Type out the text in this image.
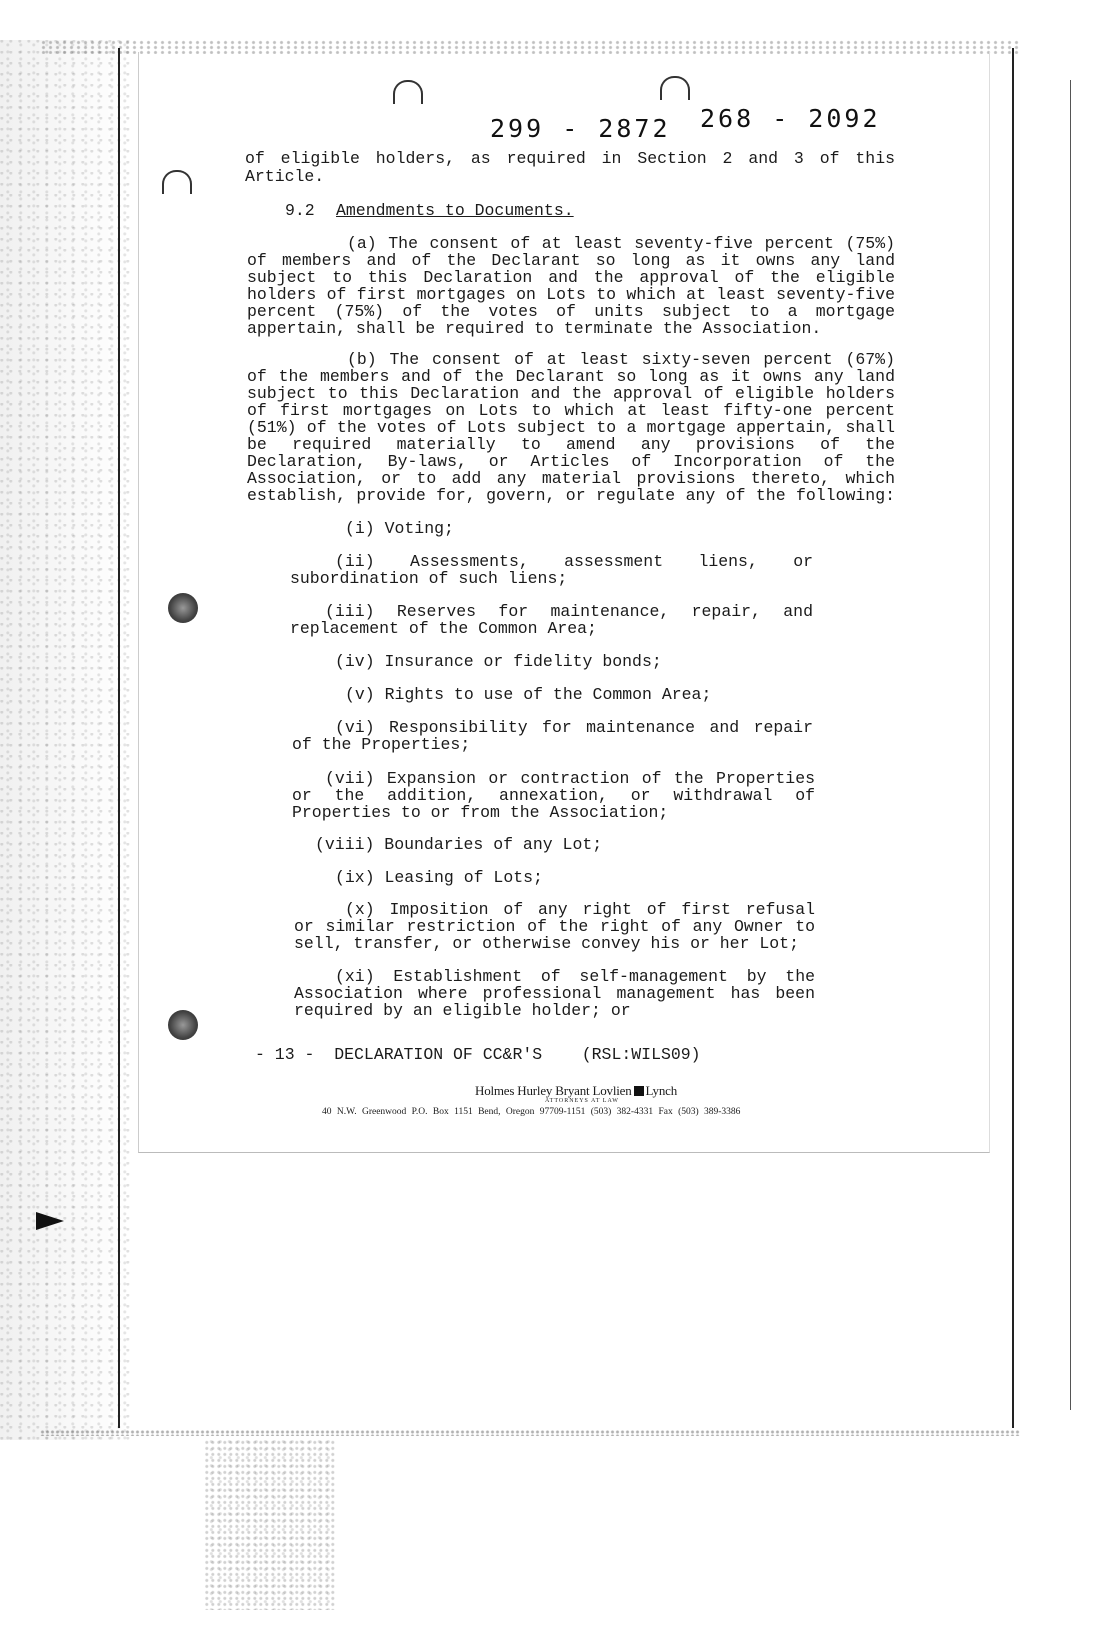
299 - 2872 268 - 2092
of eligible holders, as required in Section 2 and 3 of this
Article.
9.2 Amendments to Documents.
(a) The consent of at least seventy-five percent (75%)
of members and of the Declarant so long as it owns any land
subject to this Declaration and the approval of the eligible
holders of first mortgages on Lots to which at least seventy-five
percent (75%) of the votes of units subject to a mortgage
appertain, shall be required to terminate the Association.
(b) The consent of at least sixty-seven percent (67%)
of the members and of the Declarant so long as it owns any land
subject to this Declaration and the approval of eligible holders
of first mortgages on Lots to which at least fifty-one percent
(51%) of the votes of Lots subject to a mortgage appertain, shall
be required materially to amend any provisions of the
Declaration, By-laws, or Articles of Incorporation of the
Association, or to add any material provisions thereto, which
establish, provide for, govern, or regulate any of the following:
(i) Voting;
(ii) Assessments, assessment liens, or
subordination of such liens;
(iii) Reserves for maintenance, repair, and
replacement of the Common Area;
(iv) Insurance or fidelity bonds;
(v) Rights to use of the Common Area;
(vi) Responsibility for maintenance and repair
of the Properties;
(vii) Expansion or contraction of the Properties
or the addition, annexation, or withdrawal of
Properties to or from the Association;
(viii) Boundaries of any Lot;
(ix) Leasing of Lots;
(x) Imposition of any right of first refusal
or similar restriction of the right of any Owner to
sell, transfer, or otherwise convey his or her Lot;
(xi) Establishment of self-management by the
Association where professional management has been
required by an eligible holder; or
- 13 -  DECLARATION OF CC&R'S    (RSL:WILS09)
Holmes Hurley Bryant Lovlien Lynch
ATTORNEYS AT LAW
40 N.W. Greenwood P.O. Box 1151 Bend, Oregon 97709-1151 (503) 382-4331 Fax (503) 389-3386
